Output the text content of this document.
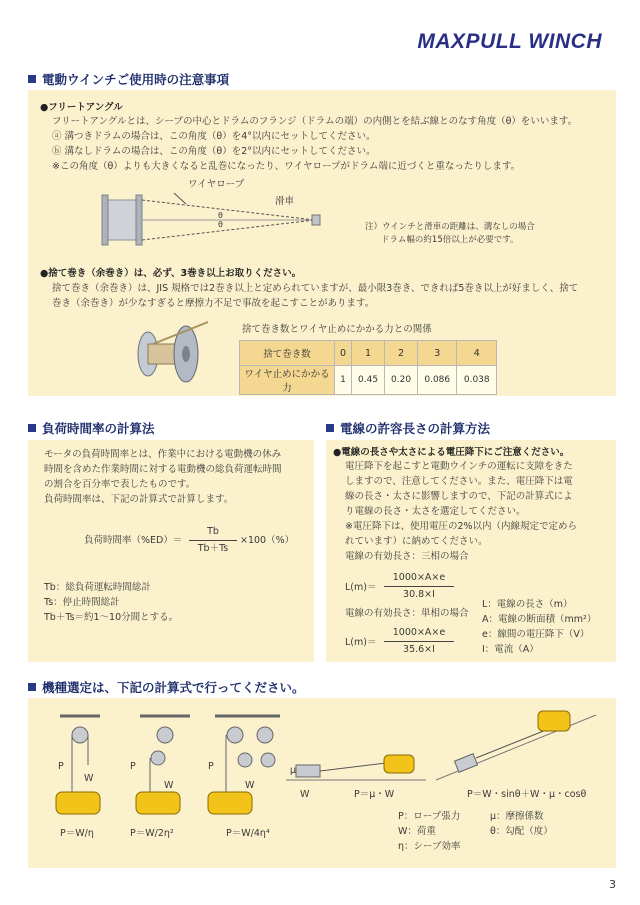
MAXPULL WINCH
電動ウインチご使用時の注意事項
●フリートアングル
フリートアングルとは、シーブの中心とドラムのフランジ（ドラムの端）の内側とを結ぶ線とのなす角度（θ）をいいます。
ⓐ 溝つきドラムの場合は、この角度（θ）を4°以内にセットしてください。
ⓑ 溝なしドラムの場合は、この角度（θ）を2°以内にセットしてください。
※この角度（θ）よりも大きくなると乱巻になったり、ワイヤロープがドラム端に近づくと重なったりします。
ワイヤロープ
滑車
θ
θ	注）ウインチと滑車の距離は、溝なしの場合
ドラム幅の約15倍以上が必要です。
●捨て巻き（余巻き）は、必ず、3巻き以上お取りください。
捨て巻き（余巻き）は、JIS 規格では2巻き以上と定められていますが、最小限3巻き、できれば5巻き以上が好ましく、捨て
巻き（余巻き）が少なすぎると摩擦力不足で事故を起こすことがあります。
捨て巻き数とワイヤ止めにかかる力との関係
捨て巻き数	0	1	2	3	4
ワイヤ止めにかかる力	1	0.45	0.20	0.086	0.038
負荷時間率の計算法
モータの負荷時間率とは、作業中における電動機の休み
時間を含めた作業時間に対する電動機の総負荷運転時間
の割合を百分率で表したものです。
負荷時間率は、下記の計算式で計算します。
負荷時間率（%ED）＝
Tb
Tb＋Ts
×100（%）
Tb：総負荷運転時間総計
Ts：停止時間総計
Tb＋Ts＝約1〜10分間とする。
電線の許容長さの計算方法
●電線の長さや太さによる電圧降下にご注意ください。
電圧降下を起こすと電動ウインチの運転に支障をきた
しますので、注意してください。また、電圧降下は電
線の長さ・太さに影響しますので、下記の計算式によ
り電線の長さ・太さを選定してください。
※電圧降下は、使用電圧の2%以内（内線規定で定めら
れています）に納めてください。
電線の有効長さ：三相の場合
L(m)＝
1000×A×e
30.8×I
電線の有効長さ：単相の場合
L(m)＝
1000×A×e
35.6×I
L：電線の長さ（m）
A：電線の断面積（mm²）
e：線間の電圧降下（V）
I：電流（A）
機種選定は、下記の計算式で行ってください。
P
W
P
W
P
W
P＝W/η	P＝W/2η²	P＝W/4η⁴
μ
W	P＝μ・W	P＝W・sinθ＋W・μ・cosθ
P：ロープ張力
W：荷重
η：シーブ効率
μ：摩擦係数
θ：勾配（度）
3
